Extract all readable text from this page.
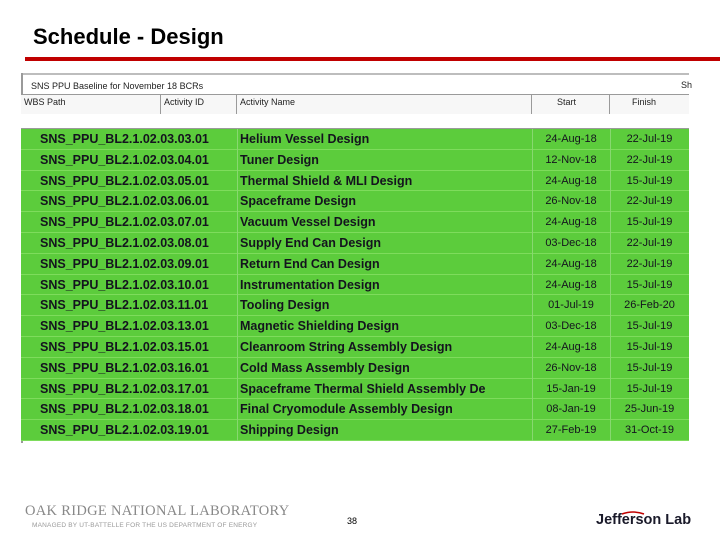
Schedule - Design
SNS PPU Baseline for November 18 BCRs	Sh
WBS Path	Activity ID	Activity Name	Start	Finish
SNS_PPU_BL2.1.02.03.03.01	Helium Vessel Design	24-Aug-18	22-Jul-19
SNS_PPU_BL2.1.02.03.04.01	Tuner Design	12-Nov-18	22-Jul-19
SNS_PPU_BL2.1.02.03.05.01	Thermal Shield & MLI Design	24-Aug-18	15-Jul-19
SNS_PPU_BL2.1.02.03.06.01	Spaceframe Design	26-Nov-18	22-Jul-19
SNS_PPU_BL2.1.02.03.07.01	Vacuum Vessel Design	24-Aug-18	15-Jul-19
SNS_PPU_BL2.1.02.03.08.01	Supply End Can Design	03-Dec-18	22-Jul-19
SNS_PPU_BL2.1.02.03.09.01	Return End Can Design	24-Aug-18	22-Jul-19
SNS_PPU_BL2.1.02.03.10.01	Instrumentation Design	24-Aug-18	15-Jul-19
SNS_PPU_BL2.1.02.03.11.01	Tooling Design	01-Jul-19	26-Feb-20
SNS_PPU_BL2.1.02.03.13.01	Magnetic Shielding Design	03-Dec-18	15-Jul-19
SNS_PPU_BL2.1.02.03.15.01	Cleanroom String Assembly Design	24-Aug-18	15-Jul-19
SNS_PPU_BL2.1.02.03.16.01	Cold Mass Assembly Design	26-Nov-18	15-Jul-19
SNS_PPU_BL2.1.02.03.17.01	Spaceframe Thermal Shield Assembly De	15-Jan-19	15-Jul-19
SNS_PPU_BL2.1.02.03.18.01	Final Cryomodule Assembly Design	08-Jan-19	25-Jun-19
SNS_PPU_BL2.1.02.03.19.01	Shipping Design	27-Feb-19	31-Oct-19
OAK RIDGE NATIONAL LABORATORY
MANAGED BY UT-BATTELLE FOR THE US DEPARTMENT OF ENERGY	38	Jefferson Lab
